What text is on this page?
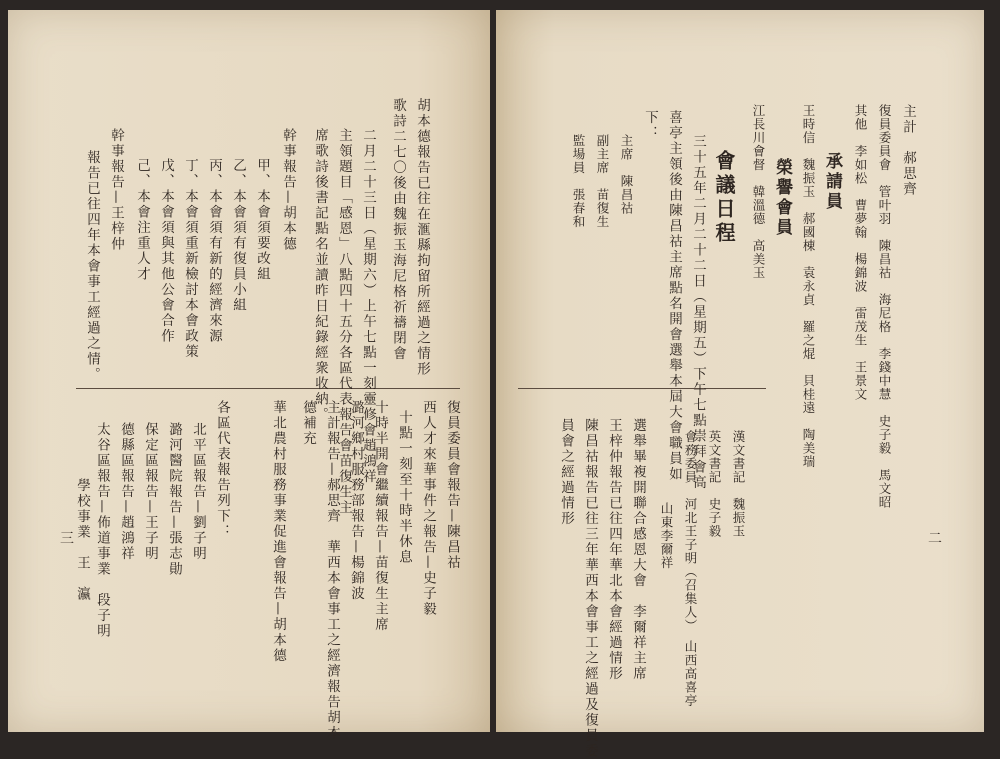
胡本德報告已往在滙縣拘留所經過之情形
歌詩二七〇後由魏振玉海尼格祈禱閉會
二月二十三日（星期六）上午七點一刻靈修會趙鴻祥
主領題目「感恩」八點四十五分各區代表報告會苗復生主
席歌詩後書記點名並讀昨日紀錄經衆收納。
幹事報告—胡本德
甲、本會須要改組
乙、本會須有復員小組
丙、本會須有新的經濟來源
丁、本會須重新檢討本會政策
戊、本會須與其他公會合作
己、本會注重人才
幹事報告—王梓仲
報告已往四年本會事工經過之情。
各區代表報告列下：
北平區報告—劉子明
潞河醫院報告—張志勛
保定區報告—王子明
德縣區報告—趙鴻祥
太谷區報告—佈道事業　段子明
學校事業　王　瀛
三
主計　郝思齊
復員委員會　管叶羽　陳昌祜　海尼格　李錢中慧　史子毅　馬文昭
其他　李如松　曹夢翰　楊錦波　雷茂生　王景文
承請員
王時信　魏振玉　郝國棟　袁永貞　羅之焜　貝桂遠　陶美瑞
榮譽會員
江長川會督　韓溫德　高美玉
會議日程
三十五年二月二十二日（星期五）下午七點崇拜會高
喜亭主領後由陳昌祜主席點名開會選舉本屆大會職員如
下：
主席　陳昌祜
副主席　苗復生
監場員　張春和
漢文書記　魏振玉
英文書記　史子毅
會務委員　河北王子明（召集人）　山西高喜亭
山東李爾祥
選舉畢複開聯合感恩大會　李爾祥主席
王梓仲報告已往四年華北本會經過情形
陳昌祜報告已往三年華西本會事工之經過及復員委
員會之經過情形
二
復員委員會報告—陳昌祜
西人才來華事件之報告—史子毅
十點一刻至十時半休息
十時半開會繼續報告—苗復生主席
潞河鄉村服務部報告—楊錦波
主計報告—郝思齊　華西本會事工之經濟報告胡本
德補充
華北農村服務事業促進會報告—胡本德
